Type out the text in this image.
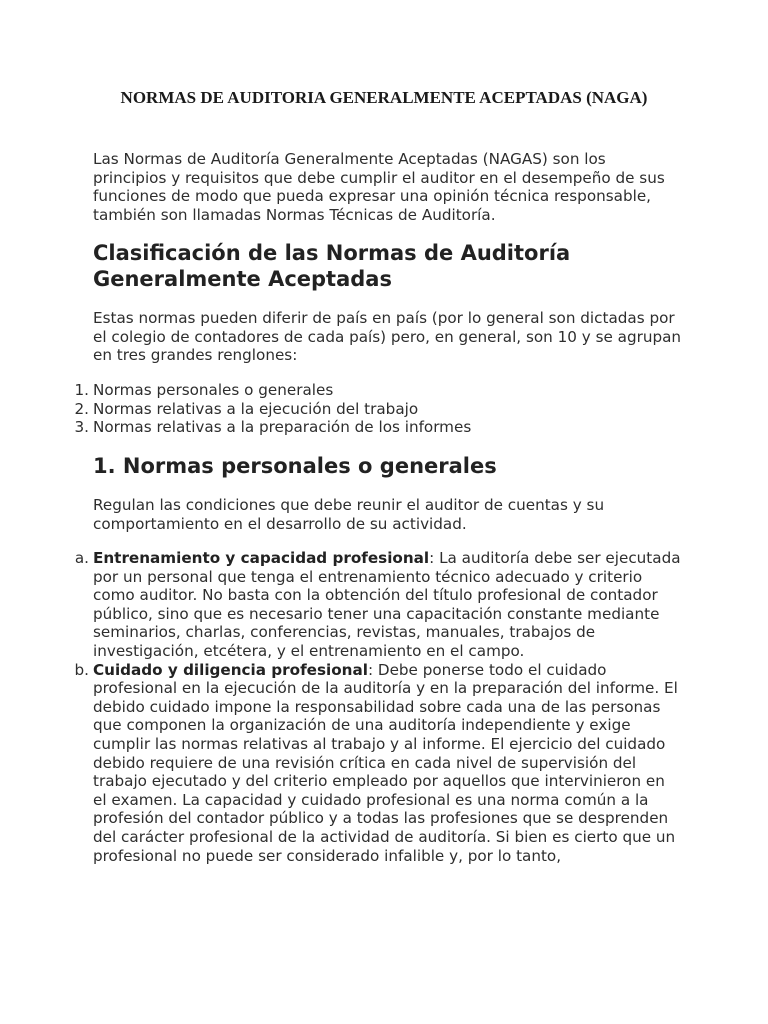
NORMAS DE AUDITORIA GENERALMENTE ACEPTADAS (NAGA)

Las Normas de Auditoría Generalmente Aceptadas (NAGAS) son los principios y requisitos que debe cumplir el auditor en el desempeño de sus funciones de modo que pueda expresar una opinión técnica responsable, también son llamadas Normas Técnicas de Auditoría.

Clasificación de las Normas de Auditoría Generalmente Aceptadas

Estas normas pueden diferir de país en país (por lo general son dictadas por el colegio de contadores de cada país) pero, en general, son 10 y se agrupan en tres grandes renglones:

1. Normas personales o generales
2. Normas relativas a la ejecución del trabajo
3. Normas relativas a la preparación de los informes
1. Normas personales o generales

Regulan las condiciones que debe reunir el auditor de cuentas y su comportamiento en el desarrollo de su actividad.

a. Entrenamiento y capacidad profesional: La auditoría debe ser ejecutada por un personal que tenga el entrenamiento técnico adecuado y criterio como auditor. No basta con la obtención del título profesional de contador público, sino que es necesario tener una capacitación constante mediante seminarios, charlas, conferencias, revistas, manuales, trabajos de investigación, etcétera, y el entrenamiento en el campo.
b. Cuidado y diligencia profesional: Debe ponerse todo el cuidado profesional en la ejecución de la auditoría y en la preparación del informe. El debido cuidado impone la responsabilidad sobre cada una de las personas que componen la organización de una auditoría independiente y exige cumplir las normas relativas al trabajo y al informe. El ejercicio del cuidado debido requiere de una revisión crítica en cada nivel de supervisión del trabajo ejecutado y del criterio empleado por aquellos que intervinieron en el examen. La capacidad y cuidado profesional es una norma común a la profesión del contador público y a todas las profesiones que se desprenden del carácter profesional de la actividad de auditoría. Si bien es cierto que un profesional no puede ser considerado infalible y, por lo tanto,
